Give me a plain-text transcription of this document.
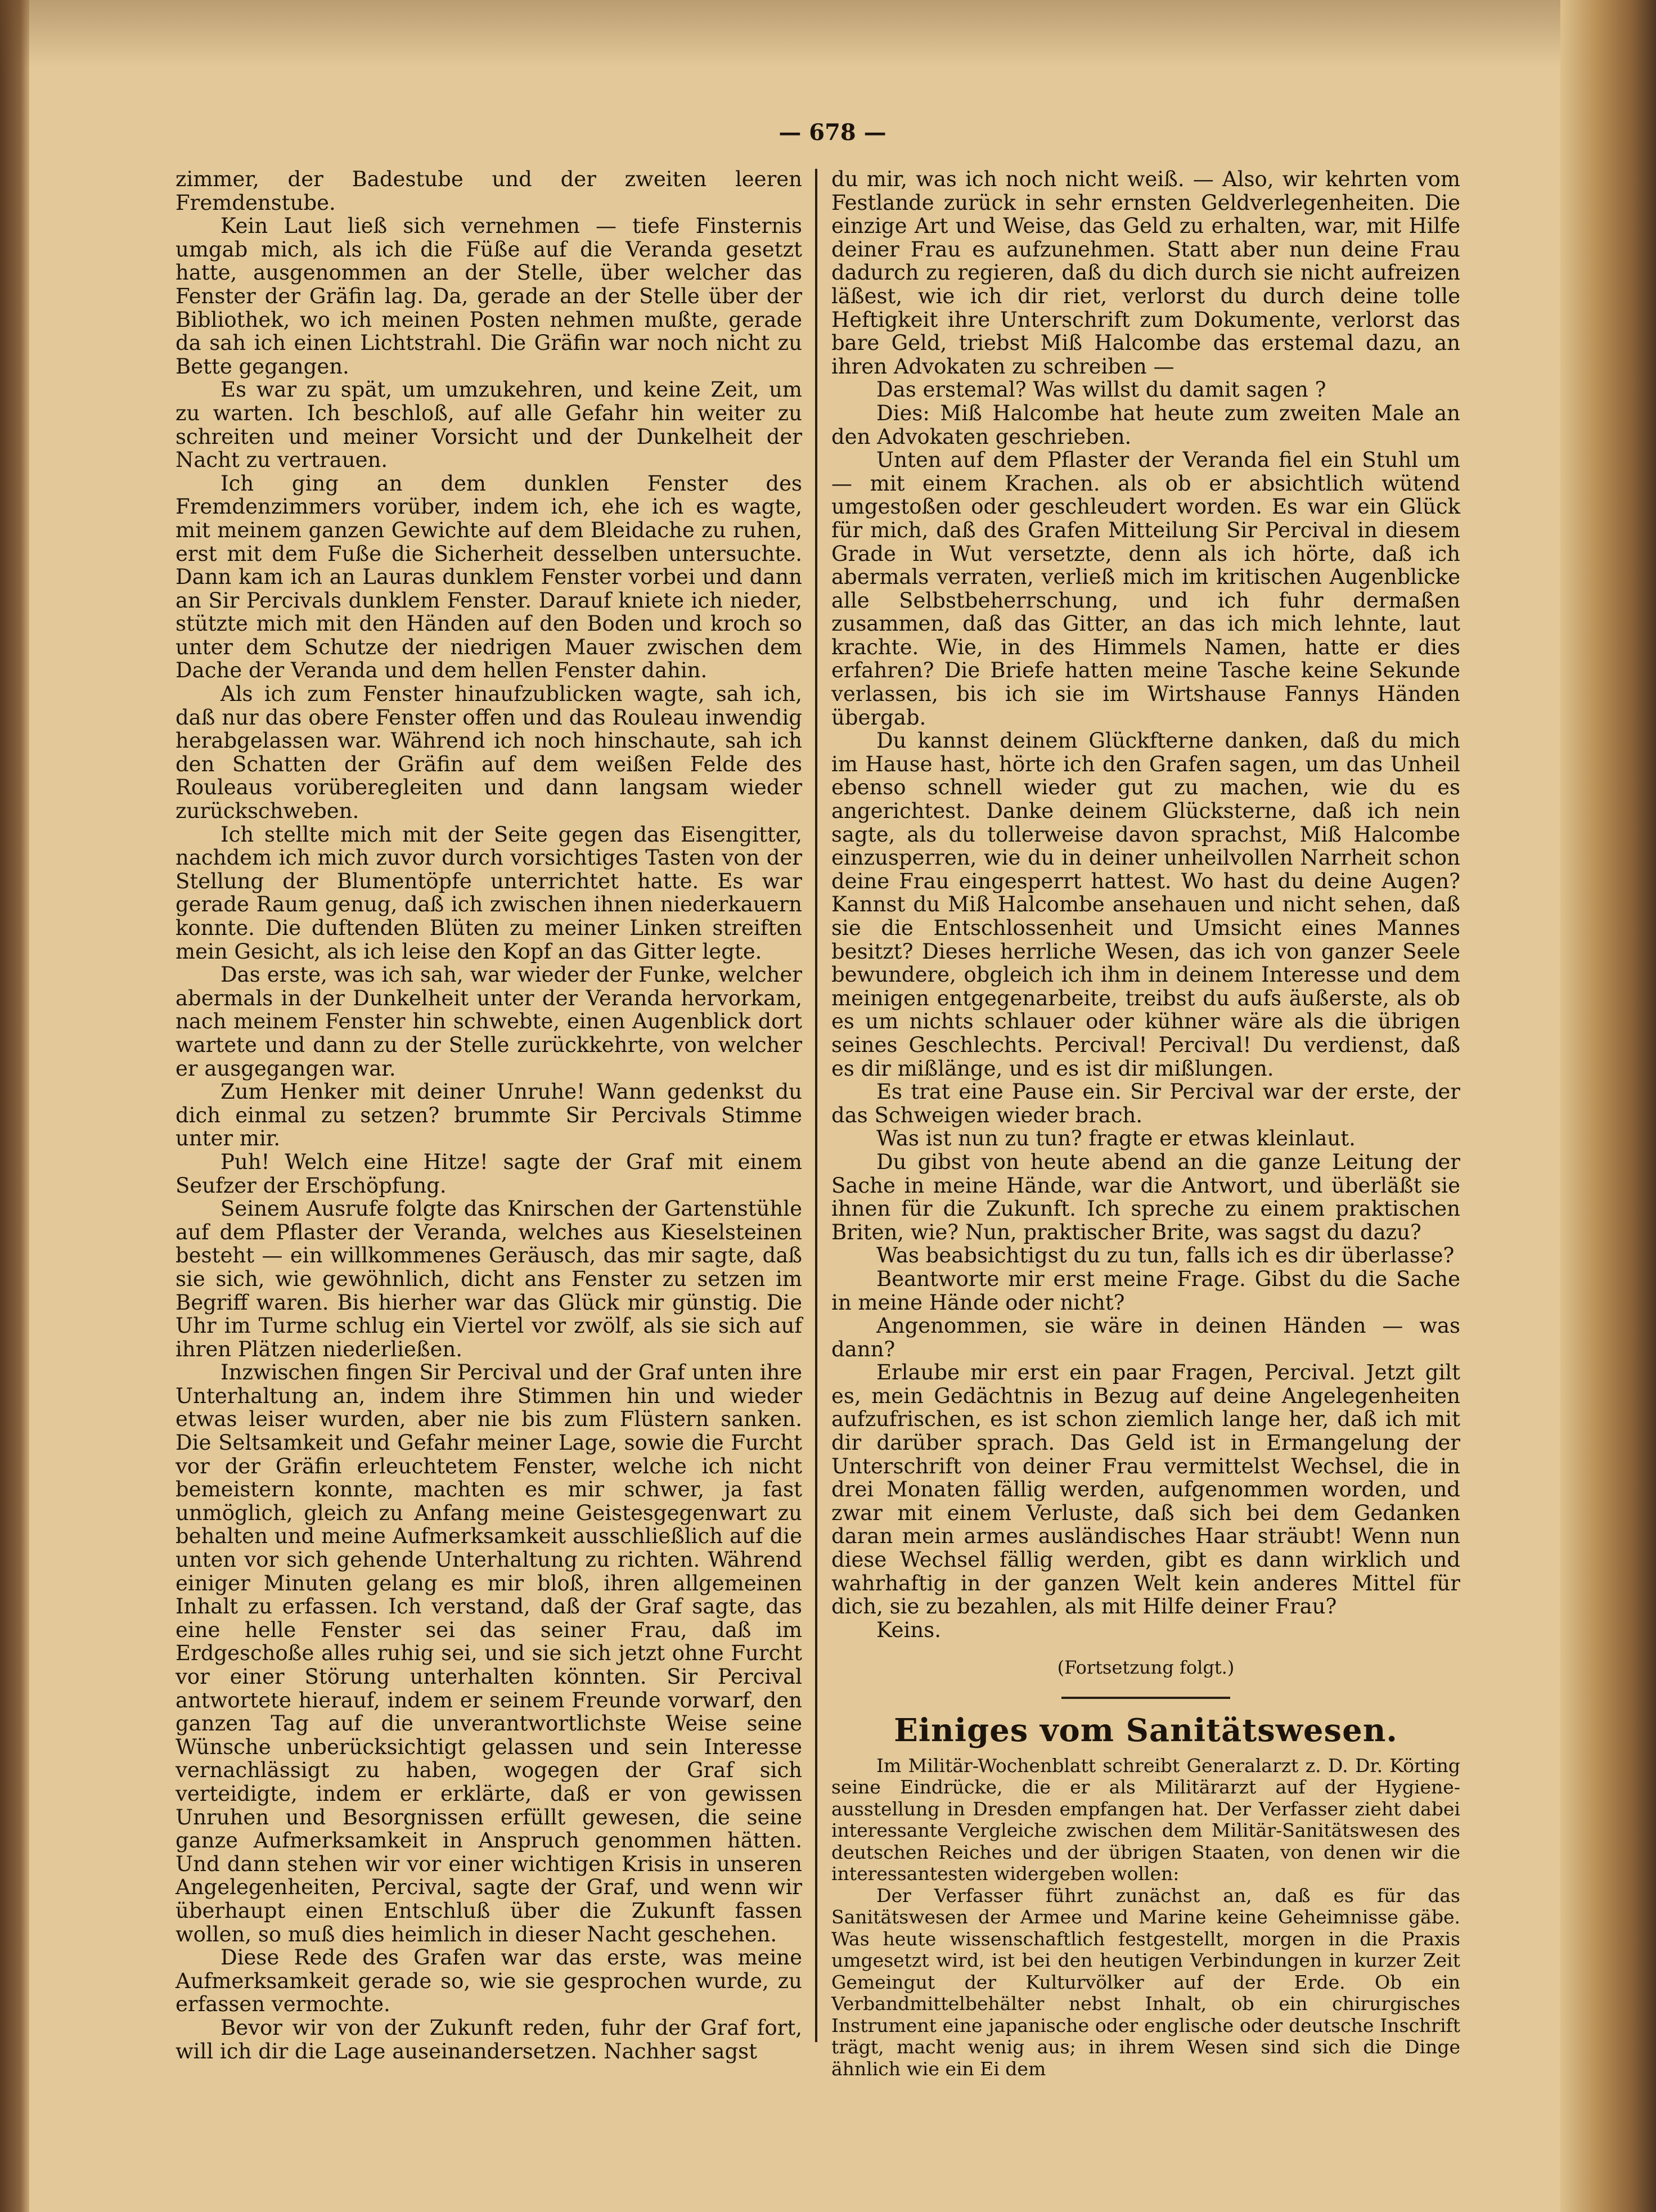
— 678 —

zimmer, der Badestube und der zweiten leeren Fremdenstube.

Kein Laut ließ sich vernehmen — tiefe Finsternis umgab mich, als ich die Füße auf die Veranda gesetzt hatte, ausgenommen an der Stelle, über welcher das Fenster der Gräfin lag. Da, gerade an der Stelle über der Bibliothek, wo ich meinen Posten nehmen mußte, gerade da sah ich einen Lichtstrahl. Die Gräfin war noch nicht zu Bette gegangen.

Es war zu spät, um umzukehren, und keine Zeit, um zu warten. Ich beschloß, auf alle Gefahr hin weiter zu schreiten und meiner Vorsicht und der Dunkelheit der Nacht zu vertrauen.

Ich ging an dem dunklen Fenster des Fremdenzimmers vorüber, indem ich, ehe ich es wagte, mit meinem ganzen Gewichte auf dem Bleidache zu ruhen, erst mit dem Fuße die Sicherheit desselben untersuchte. Dann kam ich an Lauras dunklem Fenster vorbei und dann an Sir Percivals dunklem Fenster. Darauf kniete ich nieder, stützte mich mit den Händen auf den Boden und kroch so unter dem Schutze der niedrigen Mauer zwischen dem Dache der Veranda und dem hellen Fenster dahin.

Als ich zum Fenster hinaufzublicken wagte, sah ich, daß nur das obere Fenster offen und das Rouleau inwendig herabgelassen war. Während ich noch hinschaute, sah ich den Schatten der Gräfin auf dem weißen Felde des Rouleaus vorüberegleiten und dann langsam wieder zurückschweben.

Ich stellte mich mit der Seite gegen das Eisengitter, nachdem ich mich zuvor durch vorsichtiges Tasten von der Stellung der Blumentöpfe unterrichtet hatte. Es war gerade Raum genug, daß ich zwischen ihnen niederkauern konnte. Die duftenden Blüten zu meiner Linken streiften mein Gesicht, als ich leise den Kopf an das Gitter legte.

Das erste, was ich sah, war wieder der Funke, welcher abermals in der Dunkelheit unter der Veranda hervorkam, nach meinem Fenster hin schwebte, einen Augenblick dort wartete und dann zu der Stelle zurückkehrte, von welcher er ausgegangen war.

Zum Henker mit deiner Unruhe! Wann gedenkst du dich einmal zu setzen? brummte Sir Percivals Stimme unter mir.

Puh! Welch eine Hitze! sagte der Graf mit einem Seufzer der Erschöpfung.

Seinem Ausrufe folgte das Knirschen der Gartenstühle auf dem Pflaster der Veranda, welches aus Kieselsteinen besteht — ein willkommenes Geräusch, das mir sagte, daß sie sich, wie gewöhnlich, dicht ans Fenster zu setzen im Begriff waren. Bis hierher war das Glück mir günstig. Die Uhr im Turme schlug ein Viertel vor zwölf, als sie sich auf ihren Plätzen niederließen.

Inzwischen fingen Sir Percival und der Graf unten ihre Unterhaltung an, indem ihre Stimmen hin und wieder etwas leiser wurden, aber nie bis zum Flüstern sanken. Die Seltsamkeit und Gefahr meiner Lage, sowie die Furcht vor der Gräfin erleuchtetem Fenster, welche ich nicht bemeistern konnte, machten es mir schwer, ja fast unmöglich, gleich zu Anfang meine Geistesgegenwart zu behalten und meine Aufmerksamkeit ausschließlich auf die unten vor sich gehende Unterhaltung zu richten. Während einiger Minuten gelang es mir bloß, ihren allgemeinen Inhalt zu erfassen. Ich verstand, daß der Graf sagte, das eine helle Fenster sei das seiner Frau, daß im Erdgeschoße alles ruhig sei, und sie sich jetzt ohne Furcht vor einer Störung unterhalten könnten. Sir Percival antwortete hierauf, indem er seinem Freunde vorwarf, den ganzen Tag auf die unverantwortlichste Weise seine Wünsche unberücksichtigt gelassen und sein Interesse vernachlässigt zu haben, wogegen der Graf sich verteidigte, indem er erklärte, daß er von gewissen Unruhen und Besorgnissen erfüllt gewesen, die seine ganze Aufmerksamkeit in Anspruch genommen hätten. Und dann stehen wir vor einer wichtigen Krisis in unseren Angelegenheiten, Percival, sagte der Graf, und wenn wir überhaupt einen Entschluß über die Zukunft fassen wollen, so muß dies heimlich in dieser Nacht geschehen.

Diese Rede des Grafen war das erste, was meine Aufmerksamkeit gerade so, wie sie gesprochen wurde, zu erfassen vermochte.

Bevor wir von der Zukunft reden, fuhr der Graf fort, will ich dir die Lage auseinandersetzen. Nachher sagst

du mir, was ich noch nicht weiß. — Also, wir kehrten vom Festlande zurück in sehr ernsten Geldverlegenheiten. Die einzige Art und Weise, das Geld zu erhalten, war, mit Hilfe deiner Frau es aufzunehmen. Statt aber nun deine Frau dadurch zu regieren, daß du dich durch sie nicht aufreizen läßest, wie ich dir riet, verlorst du durch deine tolle Heftigkeit ihre Unterschrift zum Dokumente, verlorst das bare Geld, triebst Miß Halcombe das erstemal dazu, an ihren Advokaten zu schreiben —

Das erstemal? Was willst du damit sagen ?

Dies: Miß Halcombe hat heute zum zweiten Male an den Advokaten geschrieben.

Unten auf dem Pflaster der Veranda fiel ein Stuhl um — mit einem Krachen. als ob er absichtlich wütend umgestoßen oder geschleudert worden. Es war ein Glück für mich, daß des Grafen Mitteilung Sir Percival in diesem Grade in Wut versetzte, denn als ich hörte, daß ich abermals verraten, verließ mich im kritischen Augenblicke alle Selbstbeherrschung, und ich fuhr dermaßen zusammen, daß das Gitter, an das ich mich lehnte, laut krachte. Wie, in des Himmels Namen, hatte er dies erfahren? Die Briefe hatten meine Tasche keine Sekunde verlassen, bis ich sie im Wirtshause Fannys Händen übergab.

Du kannst deinem Glückfterne danken, daß du mich im Hause hast, hörte ich den Grafen sagen, um das Unheil ebenso schnell wieder gut zu machen, wie du es angerichtest. Danke deinem Glücksterne, daß ich nein sagte, als du tollerweise davon sprachst, Miß Halcombe einzusperren, wie du in deiner unheilvollen Narrheit schon deine Frau eingesperrt hattest. Wo hast du deine Augen? Kannst du Miß Halcombe ansehauen und nicht sehen, daß sie die Entschlossenheit und Umsicht eines Mannes besitzt? Dieses herrliche Wesen, das ich von ganzer Seele bewundere, obgleich ich ihm in deinem Interesse und dem meinigen entgegenarbeite, treibst du aufs äußerste, als ob es um nichts schlauer oder kühner wäre als die übrigen seines Geschlechts. Percival! Percival! Du verdienst, daß es dir mißlänge, und es ist dir mißlungen.

Es trat eine Pause ein. Sir Percival war der erste, der das Schweigen wieder brach.

Was ist nun zu tun? fragte er etwas kleinlaut.

Du gibst von heute abend an die ganze Leitung der Sache in meine Hände, war die Antwort, und überläßt sie ihnen für die Zukunft. Ich spreche zu einem praktischen Briten, wie? Nun, praktischer Brite, was sagst du dazu?

Was beabsichtigst du zu tun, falls ich es dir überlasse?

Beantworte mir erst meine Frage. Gibst du die Sache in meine Hände oder nicht?

Angenommen, sie wäre in deinen Händen — was dann?

Erlaube mir erst ein paar Fragen, Percival. Jetzt gilt es, mein Gedächtnis in Bezug auf deine Angelegenheiten aufzufrischen, es ist schon ziemlich lange her, daß ich mit dir darüber sprach. Das Geld ist in Ermangelung der Unterschrift von deiner Frau vermittelst Wechsel, die in drei Monaten fällig werden, aufgenommen worden, und zwar mit einem Verluste, daß sich bei dem Gedanken daran mein armes ausländisches Haar sträubt! Wenn nun diese Wechsel fällig werden, gibt es dann wirklich und wahrhaftig in der ganzen Welt kein anderes Mittel für dich, sie zu bezahlen, als mit Hilfe deiner Frau?

Keins.

(Fortsetzung folgt.)
Einiges vom Sanitätswesen.

Im Militär-Wochenblatt schreibt Generalarzt z. D. Dr. Körting seine Eindrücke, die er als Militärarzt auf der Hygiene-ausstellung in Dresden empfangen hat. Der Verfasser zieht dabei interessante Vergleiche zwischen dem Militär-Sanitätswesen des deutschen Reiches und der übrigen Staaten, von denen wir die interessantesten widergeben wollen:

Der Verfasser führt zunächst an, daß es für das Sanitätswesen der Armee und Marine keine Geheimnisse gäbe. Was heute wissenschaftlich festgestellt, morgen in die Praxis umgesetzt wird, ist bei den heutigen Verbindungen in kurzer Zeit Gemeingut der Kulturvölker auf der Erde. Ob ein Verbandmittelbehälter nebst Inhalt, ob ein chirurgisches Instrument eine japanische oder englische oder deutsche Inschrift trägt, macht wenig aus; in ihrem Wesen sind sich die Dinge ähnlich wie ein Ei dem
